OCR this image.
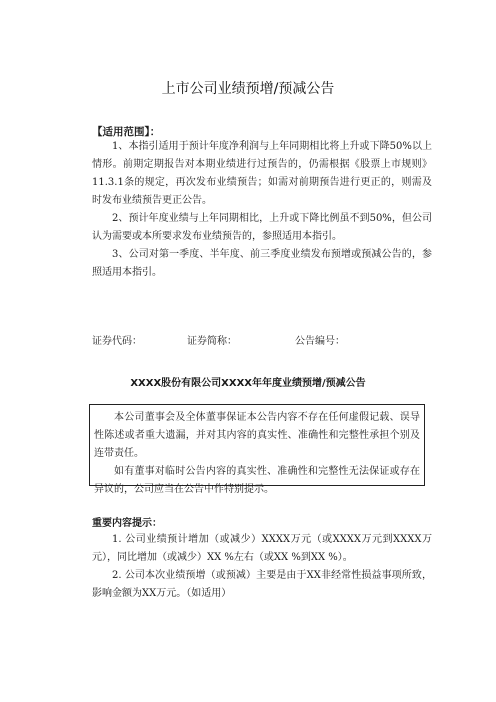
上市公司业绩预增/预减公告
【适用范围】：
1、本指引适用于预计年度净利润与上年同期相比将上升或下降50%以上情形。前期定期报告对本期业绩进行过预告的，仍需根据《股票上市规则》11.3.1条的规定，再次发布业绩预告；如需对前期预告进行更正的，则需及时发布业绩预告更正公告。
2、预计年度业绩与上年同期相比，上升或下降比例虽不到50%，但公司认为需要或本所要求发布业绩预告的，参照适用本指引。
3、公司对第一季度、半年度、前三季度业绩发布预增或预减公告的，参照适用本指引。
证券代码：	证券简称：	公告编号：
XXXX股份有限公司XXXX年年度业绩预增/预减公告
本公司董事会及全体董事保证本公告内容不存在任何虚假记载、误导性陈述或者重大遗漏，并对其内容的真实性、准确性和完整性承担个别及连带责任。
如有董事对临时公告内容的真实性、准确性和完整性无法保证或存在异议的，公司应当在公告中作特别提示。
重要内容提示：
1. 公司业绩预计增加（或减少）XXXX万元（或XXXX万元到XXXX万元），同比增加（或减少）XX %左右（或XX %到XX %）。
2. 公司本次业绩预增（或预减）主要是由于XX非经常性损益事项所致，影响金额为XX万元。（如适用）
